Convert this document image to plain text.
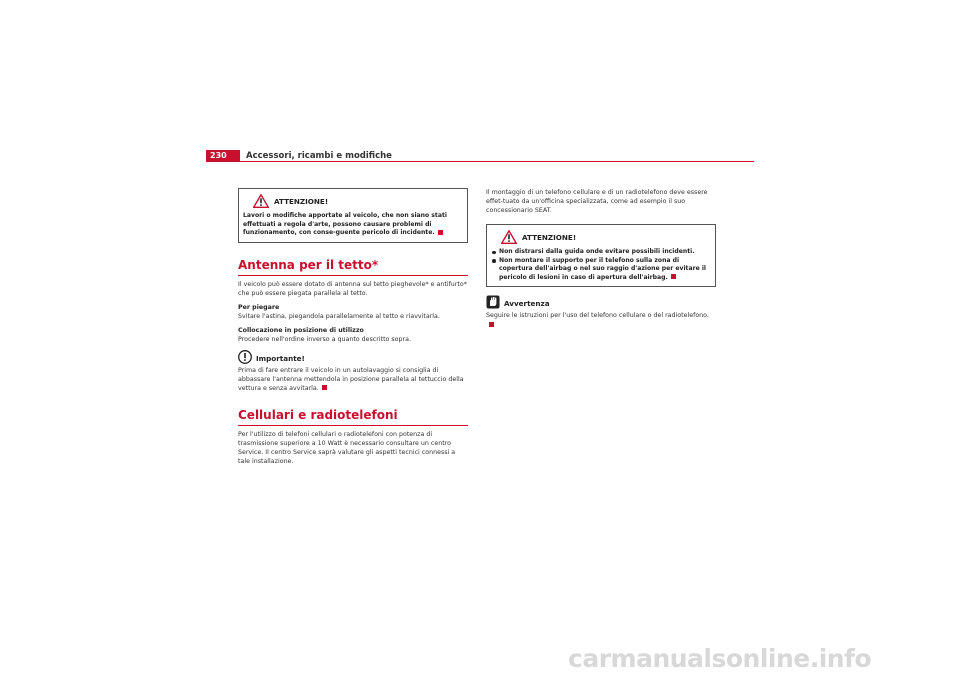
230	Accessori, ricambi e modifiche
ATTENZIONE!
Lavori o modifiche apportate al veicolo, che non siano stati effettuati a regola d'arte, possono causare problemi di funzionamento, con conse-guente pericolo di incidente.
Antenna per il tetto*
Il veicolo può essere dotato di antenna sul tetto pieghevole* e antifurto* che può essere piegata parallela al tetto.
Per piegare
Svitare l'astina, piegandola parallelamente al tetto e riavvitarla.
Collocazione in posizione di utilizzo
Procedere nell'ordine inverso a quanto descritto sopra.
Importante!
Prima di fare entrare il veicolo in un autolavaggio si consiglia di abbassare l'antenna mettendola in posizione parallela al tettuccio della vettura e senza avvitarla.
Cellulari e radiotelefoni
Per l'utilizzo di telefoni cellulari o radiotelefoni con potenza di trasmissione superiore a 10 Watt è necessario consultare un centro Service. Il centro Service saprà valutare gli aspetti tecnici connessi a tale installazione.
Il montaggio di un telefono cellulare e di un radiotelefono deve essere effet-tuato da un'officina specializzata, come ad esempio il suo concessionario SEAT.
ATTENZIONE!
Non distrarsi dalla guida onde evitare possibili incidenti.
Non montare il supporto per il telefono sulla zona di copertura dell'airbag o nel suo raggio d'azione per evitare il pericolo di lesioni in caso di apertura dell'airbag.
Avvertenza
Seguire le istruzioni per l'uso del telefono cellulare o del radiotelefono.
carmanualsonline.info
